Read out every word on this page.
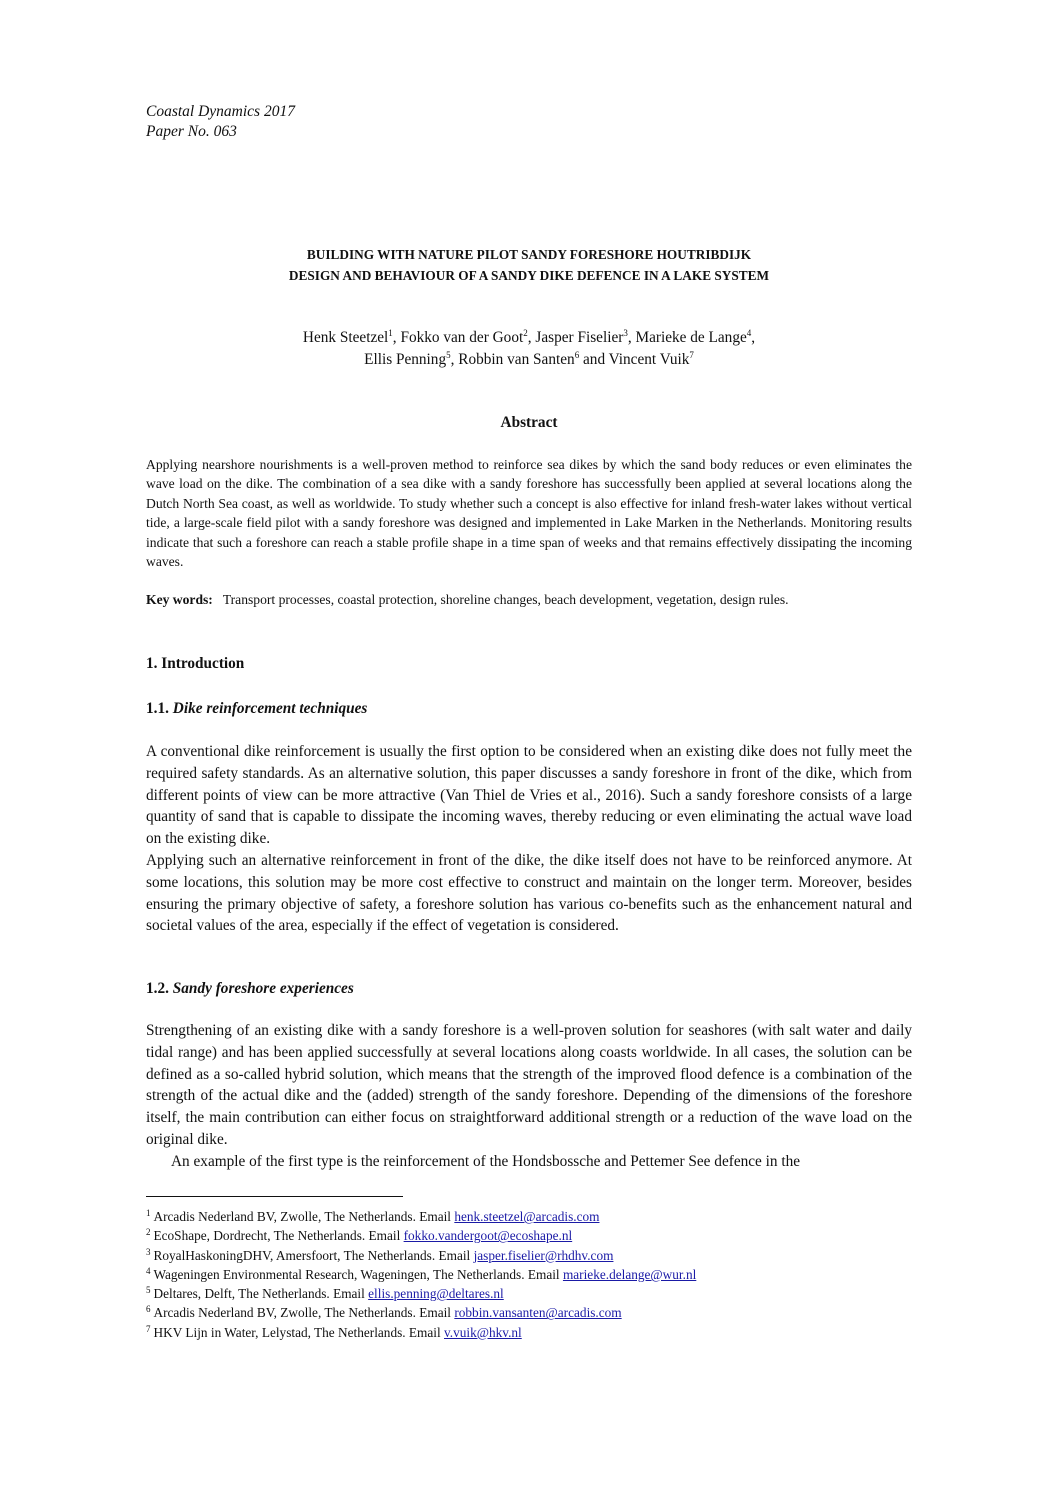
Coastal Dynamics 2017
Paper No. 063
BUILDING WITH NATURE PILOT SANDY FORESHORE HOUTRIBDIJK
DESIGN AND BEHAVIOUR OF A SANDY DIKE DEFENCE IN A LAKE SYSTEM
Henk Steetzel$^1$, Fokko van der Goot$^2$, Jasper Fiselier$^3$, Marieke de Lange$^4$,
Ellis Penning$^5$, Robbin van Santen$^6$ and Vincent Vuik$^7$
Abstract

Applying nearshore nourishments is a well-proven method to reinforce sea dikes by which the sand body reduces or even eliminates the wave load on the dike. The combination of a sea dike with a sandy foreshore has successfully been applied at several locations along the Dutch North Sea coast, as well as worldwide. To study whether such a concept is also effective for inland fresh-water lakes without vertical tide, a large-scale field pilot with a sandy foreshore was designed and implemented in Lake Marken in the Netherlands. Monitoring results indicate that such a foreshore can reach a stable profile shape in a time span of weeks and that remains effectively dissipating the incoming waves.

Key words: Transport processes, coastal protection, shoreline changes, beach development, vegetation, design rules.
1. Introduction
1.1. Dike reinforcement techniques

A conventional dike reinforcement is usually the first option to be considered when an existing dike does not fully meet the required safety standards. As an alternative solution, this paper discusses a sandy foreshore in front of the dike, which from different points of view can be more attractive (Van Thiel de Vries et al., 2016). Such a sandy foreshore consists of a large quantity of sand that is capable to dissipate the incoming waves, thereby reducing or even eliminating the actual wave load on the existing dike.

Applying such an alternative reinforcement in front of the dike, the dike itself does not have to be reinforced anymore. At some locations, this solution may be more cost effective to construct and maintain on the longer term. Moreover, besides ensuring the primary objective of safety, a foreshore solution has various co-benefits such as the enhancement natural and societal values of the area, especially if the effect of vegetation is considered.

1.2. Sandy foreshore experiences

Strengthening of an existing dike with a sandy foreshore is a well-proven solution for seashores (with salt water and daily tidal range) and has been applied successfully at several locations along coasts worldwide. In all cases, the solution can be defined as a so-called hybrid solution, which means that the strength of the improved flood defence is a combination of the strength of the actual dike and the (added) strength of the sandy foreshore. Depending of the dimensions of the foreshore itself, the main contribution can either focus on straightforward additional strength or a reduction of the wave load on the original dike.

An example of the first type is the reinforcement of the Hondsbossche and Pettemer See defence in the

$^1$ Arcadis Nederland BV, Zwolle, The Netherlands. Email henk.steetzel@arcadis.com
$^2$ EcoShape, Dordrecht, The Netherlands. Email fokko.vandergoot@ecoshape.nl
$^3$ RoyalHaskoningDHV, Amersfoort, The Netherlands. Email jasper.fiselier@rhdhv.com
$^4$ Wageningen Environmental Research, Wageningen, The Netherlands. Email marieke.delange@wur.nl
$^5$ Deltares, Delft, The Netherlands. Email ellis.penning@deltares.nl
$^6$ Arcadis Nederland BV, Zwolle, The Netherlands. Email robbin.vansanten@arcadis.com
$^7$ HKV Lijn in Water, Lelystad, The Netherlands. Email v.vuik@hkv.nl
